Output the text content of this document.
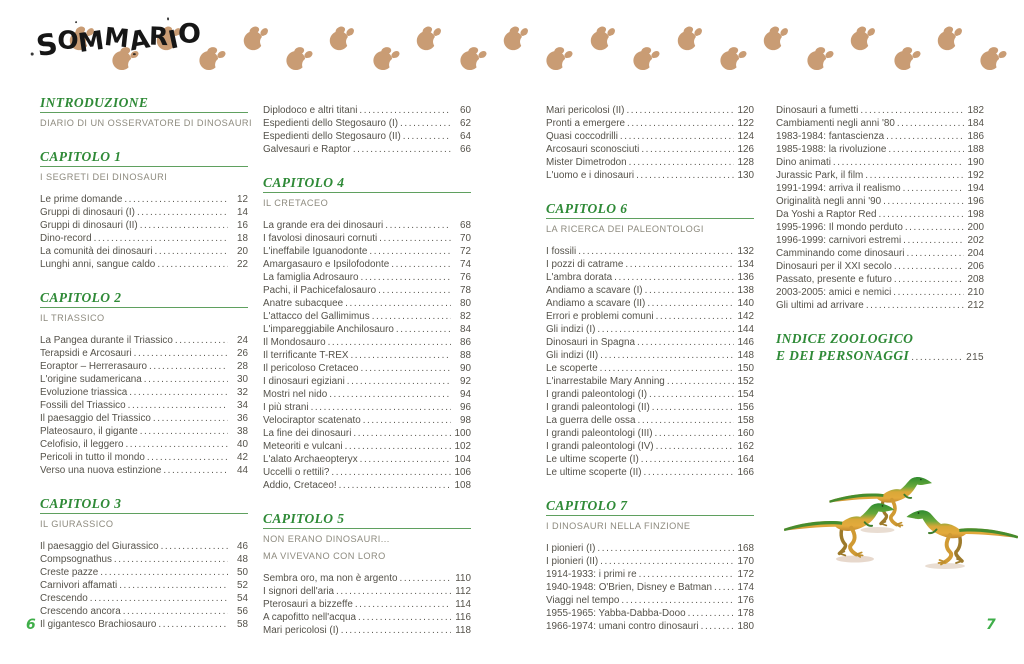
SOMMARIO
INTRODUZIONE
DIARIO DI UN OSSERVATORE DI DINOSAURI
CAPITOLO 1
I SEGRETI DEI DINOSAURI
Le prime domande .....	12
Gruppi di dinosauri (I) .....	14
Gruppi di dinosauri (II) .....	16
Dino-record .....	18
La comunità dei dinosauri .....	20
Lunghi anni, sangue caldo .....	22
CAPITOLO 2
IL TRIASSICO
La Pangea durante il Triassico .....	24
Terapsidi e Arcosauri .....	26
Eoraptor – Herrerasauro .....	28
L'origine sudamericana .....	30
Evoluzione triassica .....	32
Fossili del Triassico .....	34
Il paesaggio del Triassico .....	36
Plateosauro, il gigante .....	38
Celofisio, il leggero .....	40
Pericoli in tutto il mondo .....	42
Verso una nuova estinzione .....	44
CAPITOLO 3
IL GIURASSICO
Il paesaggio del Giurassico .....	46
Compsognathus .....	48
Creste pazze .....	50
Carnivori affamati .....	52
Crescendo .....	54
Crescendo ancora .....	56
Il gigantesco Brachiosauro .....	58
Diplodoco e altri titani .....	60
Espedienti dello Stegosauro (I) .....	62
Espedienti dello Stegosauro (II) .....	64
Galvesauri e Raptor .....	66
CAPITOLO 4
IL CRETACEO
La grande era dei dinosauri .....	68
I favolosi dinosauri cornuti .....	70
L'ineffabile Iguanodonte .....	72
Amargasauro e Ipsilofodonte .....	74
La famiglia Adrosauro .....	76
Pachi, il Pachicefalosauro .....	78
Anatre subacquee .....	80
L'attacco del Gallimimus .....	82
L'impareggiabile Anchilosauro .....	84
Il Mondosauro .....	86
Il terrificante T-REX .....	88
Il pericoloso Cretaceo .....	90
I dinosauri egiziani .....	92
Mostri nel nido .....	94
I più strani .....	96
Velociraptor scatenato .....	98
La fine dei dinosauri .....	100
Meteoriti e vulcani .....	102
L'alato Archaeopteryx .....	104
Uccelli o rettili? .....	106
Addio, Cretaceo! .....	108
CAPITOLO 5
NON ERANO DINOSAURI...
MA VIVEVANO CON LORO
Sembra oro, ma non è argento .....	110
I signori dell'aria .....	112
Pterosauri a bizzeffe .....	114
A capofitto nell'acqua .....	116
Mari pericolosi (I) .....	118
Mari pericolosi (II) .....	120
Pronti a emergere .....	122
Quasi coccodrilli .....	124
Arcosauri sconosciuti .....	126
Mister Dimetrodon .....	128
L'uomo e i dinosauri .....	130
CAPITOLO 6
LA RICERCA DEI PALEONTOLOGI
I fossili .....	132
I pozzi di catrame .....	134
L'ambra dorata .....	136
Andiamo a scavare (I) .....	138
Andiamo a scavare (II) .....	140
Errori e problemi comuni .....	142
Gli indizi (I) .....	144
Dinosauri in Spagna .....	146
Gli indizi (II) .....	148
Le scoperte .....	150
L'inarrestabile Mary Anning .....	152
I grandi paleontologi (I) .....	154
I grandi paleontologi (II) .....	156
La guerra delle ossa .....	158
I grandi paleontologi (III) .....	160
I grandi paleontologi (IV) .....	162
Le ultime scoperte (I) .....	164
Le ultime scoperte (II) .....	166
CAPITOLO 7
I DINOSAURI NELLA FINZIONE
I pionieri (I) .....	168
I pionieri (II) .....	170
1914-1933: i primi re .....	172
1940-1948: O'Brien, Disney e Batman .....	174
Viaggi nel tempo .....	176
1955-1965: Yabba-Dabba-Dooo .....	178
1966-1974: umani contro dinosauri .....	180
Dinosauri a fumetti .....	182
Cambiamenti negli anni '80 .....	184
1983-1984: fantascienza .....	186
1985-1988: la rivoluzione .....	188
Dino animati .....	190
Jurassic Park, il film .....	192
1991-1994: arriva il realismo .....	194
Originalità negli anni '90 .....	196
Da Yoshi a Raptor Red .....	198
1995-1996: Il mondo perduto .....	200
1996-1999: carnivori estremi .....	202
Camminando come dinosauri .....	204
Dinosauri per il XXI secolo .....	206
Passato, presente e futuro .....	208
2003-2005: amici e nemici .....	210
Gli ultimi ad arrivare .....	212
INDICE ZOOLOGICO
E DEI PERSONAGGI .....	215
6	7
